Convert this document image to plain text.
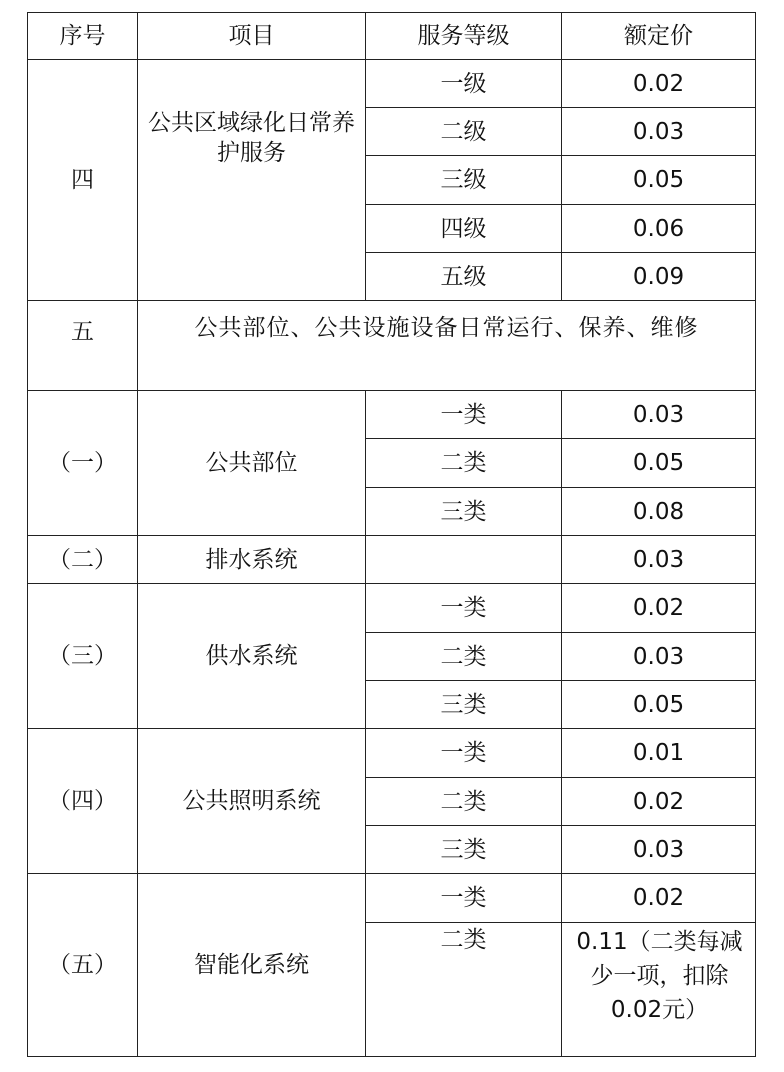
序号	项目	服务等级	额定价
四	公共区域绿化日常养护服务	一级	0.02
		二级	0.03
		三级	0.05
		四级	0.06
		五级	0.09
五	公共部位、公共设施设备日常运行、保养、维修		
（一）	公共部位	一类	0.03
		二类	0.05
		三类	0.08
（二）	排水系统		0.03
（三）	供水系统	一类	0.02
		二类	0.03
		三类	0.05
（四）	公共照明系统	一类	0.01
		二类	0.02
		三类	0.03
（五）	智能化系统	一类	0.02
		二类	0.11（二类每减少一项，扣除0.02元）
